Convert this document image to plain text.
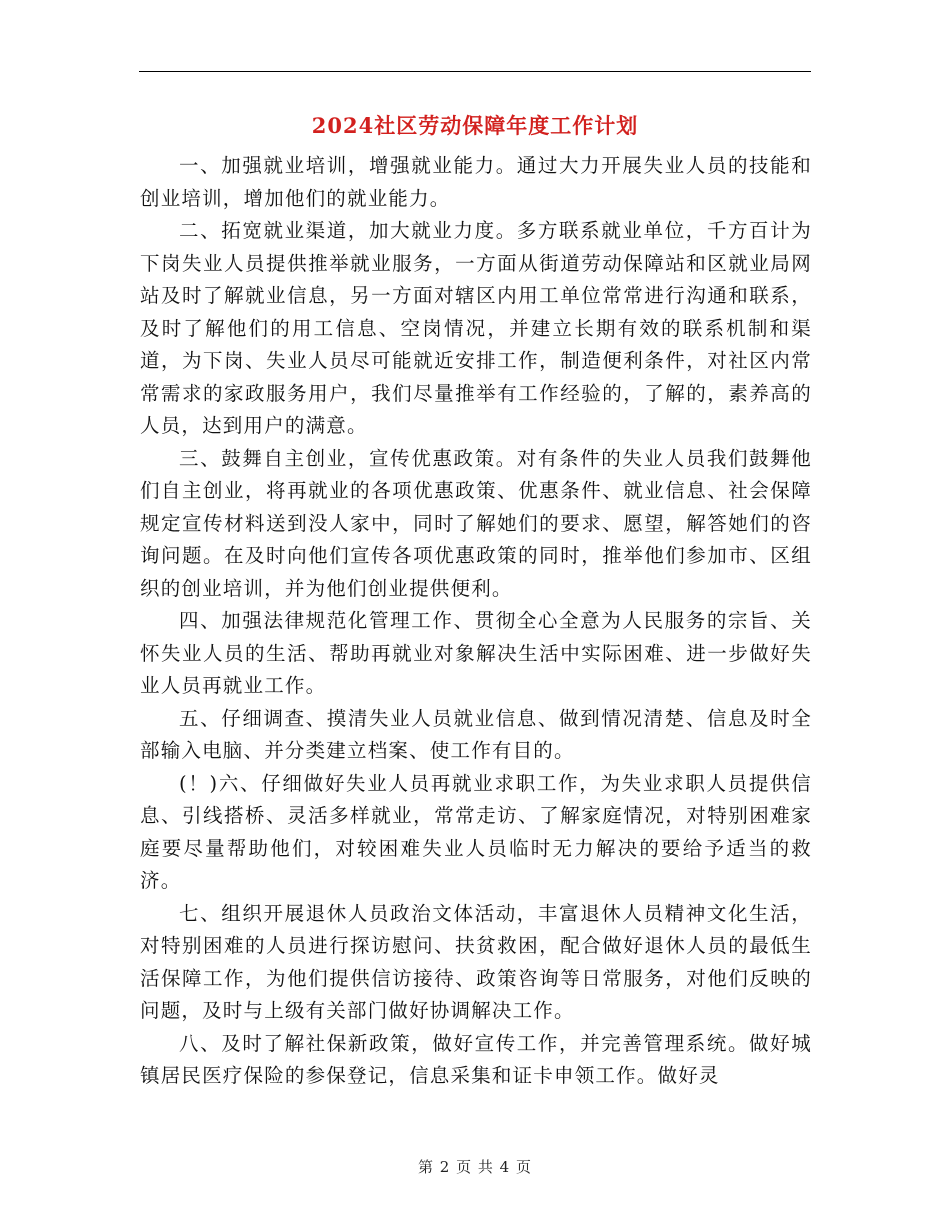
2024社区劳动保障年度工作计划

一、加强就业培训，增强就业能力。通过大力开展失业人员的技能和创业培训，增加他们的就业能力。

二、拓宽就业渠道，加大就业力度。多方联系就业单位，千方百计为下岗失业人员提供推举就业服务，一方面从街道劳动保障站和区就业局网站及时了解就业信息，另一方面对辖区内用工单位常常进行沟通和联系，及时了解他们的用工信息、空岗情况，并建立长期有效的联系机制和渠道，为下岗、失业人员尽可能就近安排工作，制造便利条件，对社区内常常需求的家政服务用户，我们尽量推举有工作经验的，了解的，素养高的人员，达到用户的满意。

三、鼓舞自主创业，宣传优惠政策。对有条件的失业人员我们鼓舞他们自主创业，将再就业的各项优惠政策、优惠条件、就业信息、社会保障规定宣传材料送到没人家中，同时了解她们的要求、愿望，解答她们的咨询问题。在及时向他们宣传各项优惠政策的同时，推举他们参加市、区组织的创业培训，并为他们创业提供便利。

四、加强法律规范化管理工作、贯彻全心全意为人民服务的宗旨、关怀失业人员的生活、帮助再就业对象解决生活中实际困难、进一步做好失业人员再就业工作。

五、仔细调查、摸清失业人员就业信息、做到情况清楚、信息及时全部输入电脑、并分类建立档案、使工作有目的。

(！)六、仔细做好失业人员再就业求职工作，为失业求职人员提供信息、引线搭桥、灵活多样就业，常常走访、了解家庭情况，对特别困难家庭要尽量帮助他们，对较困难失业人员临时无力解决的要给予适当的救济。

七、组织开展退休人员政治文体活动，丰富退休人员精神文化生活，对特别困难的人员进行探访慰问、扶贫救困，配合做好退休人员的最低生活保障工作，为他们提供信访接待、政策咨询等日常服务，对他们反映的问题，及时与上级有关部门做好协调解决工作。

八、及时了解社保新政策，做好宣传工作，并完善管理系统。做好城镇居民医疗保险的参保登记，信息采集和证卡申领工作。做好灵

第 2 页 共 4 页
